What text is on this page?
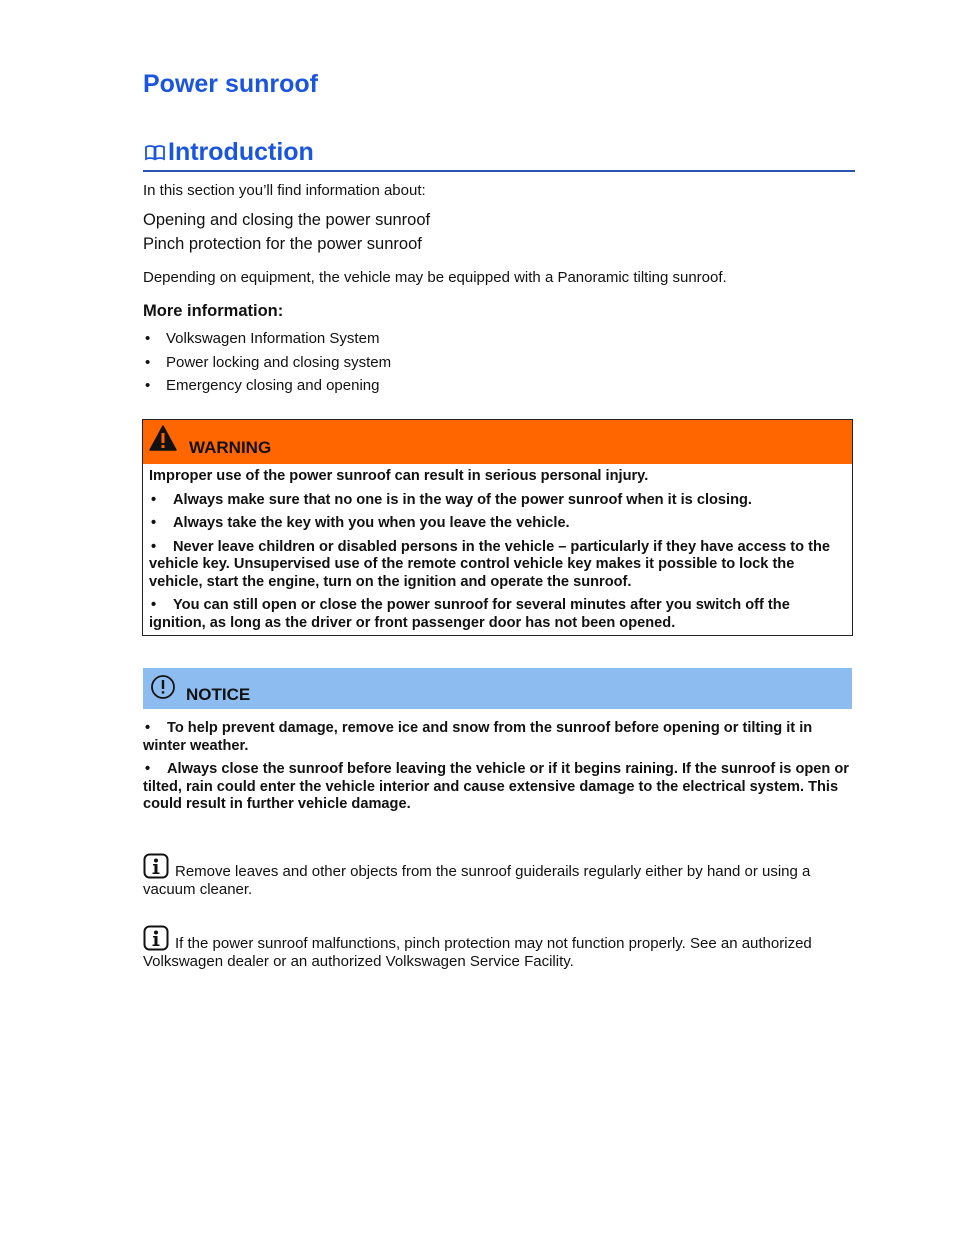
Power sunroof
Introduction

In this section you’ll find information about:

Opening and closing the power sunroof

Pinch protection for the power sunroof

Depending on equipment, the vehicle may be equipped with a Panoramic tilting sunroof.

More information:

• Volkswagen Information System
• Power locking and closing system
• Emergency closing and opening
WARNING

Improper use of the power sunroof can result in serious personal injury.

• Always make sure that no one is in the way of the power sunroof when it is closing.

• Always take the key with you when you leave the vehicle.

• Never leave children or disabled persons in the vehicle – particularly if they have access to the vehicle key. Unsupervised use of the remote control vehicle key makes it possible to lock the vehicle, start the engine, turn on the ignition and operate the sunroof.

• You can still open or close the power sunroof for several minutes after you switch off the ignition, as long as the driver or front passenger door has not been opened.

NOTICE

• To help prevent damage, remove ice and snow from the sunroof before opening or tilting it in winter weather.

• Always close the sunroof before leaving the vehicle or if it begins raining. If the sunroof is open or tilted, rain could enter the vehicle interior and cause extensive damage to the electrical system. This could result in further vehicle damage.

Remove leaves and other objects from the sunroof guiderails regularly either by hand or using a vacuum cleaner.

If the power sunroof malfunctions, pinch protection may not function properly. See an authorized Volkswagen dealer or an authorized Volkswagen Service Facility.
